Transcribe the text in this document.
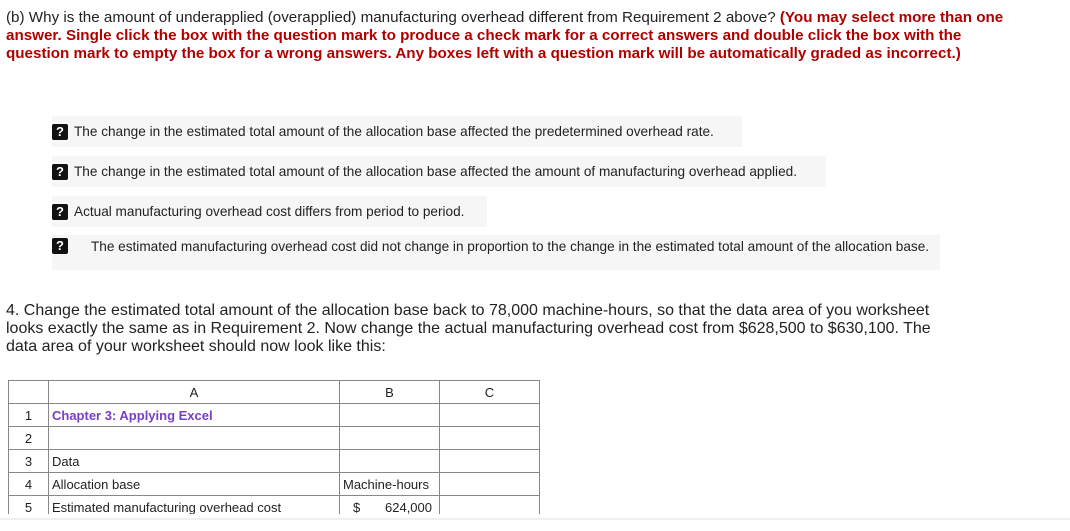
(b) Why is the amount of underapplied (overapplied) manufacturing overhead different from Requirement 2 above? (You may select more than one answer. Single click the box with the question mark to produce a check mark for a correct answers and double click the box with the question mark to empty the box for a wrong answers. Any boxes left with a question mark will be automatically graded as incorrect.)
? The change in the estimated total amount of the allocation base affected the predetermined overhead rate.
? The change in the estimated total amount of the allocation base affected the amount of manufacturing overhead applied.
? Actual manufacturing overhead cost differs from period to period.
? The estimated manufacturing overhead cost did not change in proportion to the change in the estimated total amount of the allocation base.
4. Change the estimated total amount of the allocation base back to 78,000 machine-hours, so that the data area of you worksheet looks exactly the same as in Requirement 2. Now change the actual manufacturing overhead cost from $628,500 to $630,100. The data area of your worksheet should now look like this:
	A	B	C
1	Chapter 3: Applying Excel		
2			
3	Data		
4	Allocation base	Machine-hours	
5	Estimated manufacturing overhead cost	$ 624,000	
